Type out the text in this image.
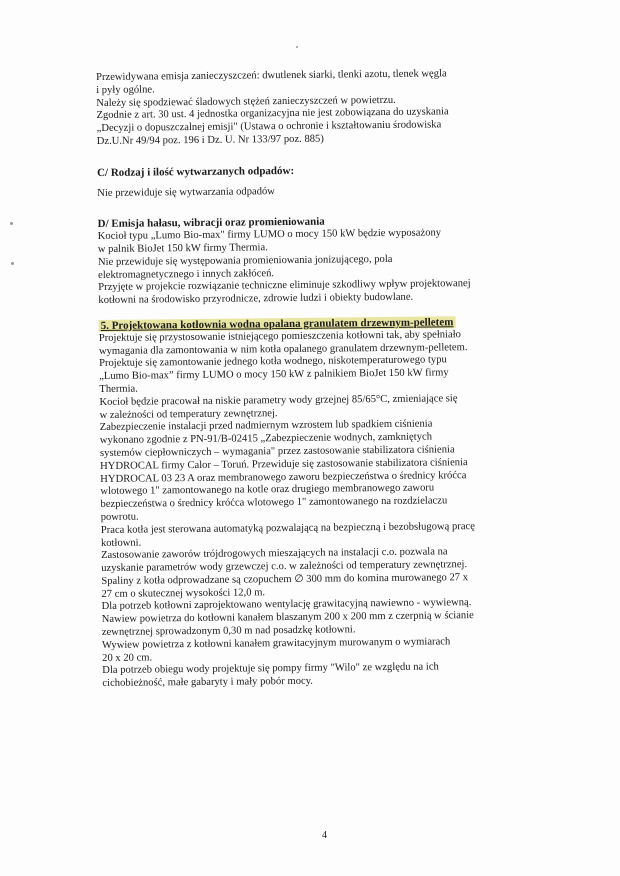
Przewidywana emisja zanieczyszczeń: dwutlenek siarki, tlenki azotu, tlenek węgla

i pyły ogólne.

Należy się spodziewać śladowych stężeń zanieczyszczeń w powietrzu.

Zgodnie z art. 30 ust. 4 jednostka organizacyjna nie jest zobowiązana do uzyskania

„Decyzji o dopuszczalnej emisji" (Ustawa o ochronie i kształtowaniu środowiska

Dz.U.Nr 49/94 poz. 196 i Dz. U. Nr 133/97 poz. 885)

C/ Rodzaj i ilość wytwarzanych odpadów:

Nie przewiduje się wytwarzania odpadów

D/ Emisja hałasu, wibracji oraz promieniowania

Kocioł typu „Lumo Bio-max" firmy LUMO o mocy 150 kW będzie wyposażony

w palnik BioJet 150 kW firmy Thermia.

Nie przewiduje się występowania promieniowania jonizującego, pola

elektromagnetycznego i innych zakłóceń.

Przyjęte w projekcie rozwiązanie techniczne eliminuje szkodliwy wpływ projektowanej

kotłowni na środowisko przyrodnicze, zdrowie ludzi i obiekty budowlane.

5. Projektowana kotłownia wodna opalana granulatem drzewnym-pelletem

Projektuje się przystosowanie istniejącego pomieszczenia kotłowni tak, aby spełniało

wymagania dla zamontowania w nim kotła opalanego granulatem drzewnym-pelletem.

Projektuje się zamontowanie jednego kotła wodnego, niskotemperaturowego typu

„Lumo Bio-maxˮ firmy LUMO o mocy 150 kW z palnikiem BioJet 150 kW firmy

Thermia.

Kocioł będzie pracował na niskie parametry wody grzejnej 85/65°C, zmieniające się

w zależności od temperatury zewnętrznej.

Zabezpieczenie instalacji przed nadmiernym wzrostem lub spadkiem ciśnienia

wykonano zgodnie z PN-91/B-02415 „Zabezpieczenie wodnych, zamkniętych

systemów ciepłowniczych – wymagania" przez zastosowanie stabilizatora ciśnienia

HYDROCAL firmy Calor – Toruń. Przewiduje się zastosowanie stabilizatora ciśnienia

HYDROCAL 03 23 A oraz membranowego zaworu bezpieczeństwa o średnicy króćca

wlotowego 1" zamontowanego na kotle oraz drugiego membranowego zaworu

bezpieczeństwa o średnicy króćca wlotowego 1" zamontowanego na rozdzielaczu

powrotu.

Praca kotła jest sterowana automatyką pozwalającą na bezpieczną i bezobsługową pracę

kotłowni.

Zastosowanie zaworów trójdrogowych mieszających na instalacji c.o. pozwala na

uzyskanie parametrów wody grzewczej c.o. w zależności od temperatury zewnętrznej.

Spaliny z kotła odprowadzane są czopuchem ∅ 300 mm do komina murowanego 27 x

27 cm o skutecznej wysokości 12,0 m.

Dla potrzeb kotłowni zaprojektowano wentylację grawitacyjną nawiewno - wywiewną.

Nawiew powietrza do kotłowni kanałem blaszanym 200 x 200 mm z czerpnią w ścianie

zewnętrznej sprowadzonym 0,30 m nad posadzkę kotłowni.

Wywiew powietrza z kotłowni kanałem grawitacyjnym murowanym o wymiarach

20 x 20 cm.

Dla potrzeb obiegu wody projektuje się pompy firmy "Wilo" ze względu na ich

cichobieżność, małe gabaryty i mały pobór mocy.

4
